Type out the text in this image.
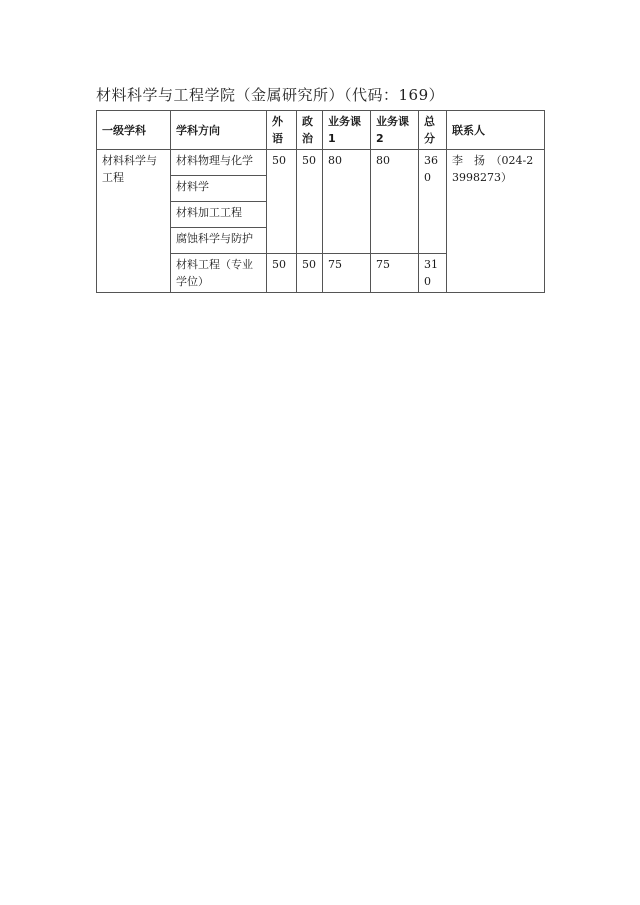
材料科学与工程学院（金属研究所）（代码：169）
一级学科	学科方向	外语	政治	业务课1	业务课2	总分	联系人
材料科学与工程	材料物理与化学	50	50	80	80	360	李　扬　（024-23998273）
	材料学						
	材料加工工程						
	腐蚀科学与防护						
	材料工程（专业学位）	50	50	75	75	310	
